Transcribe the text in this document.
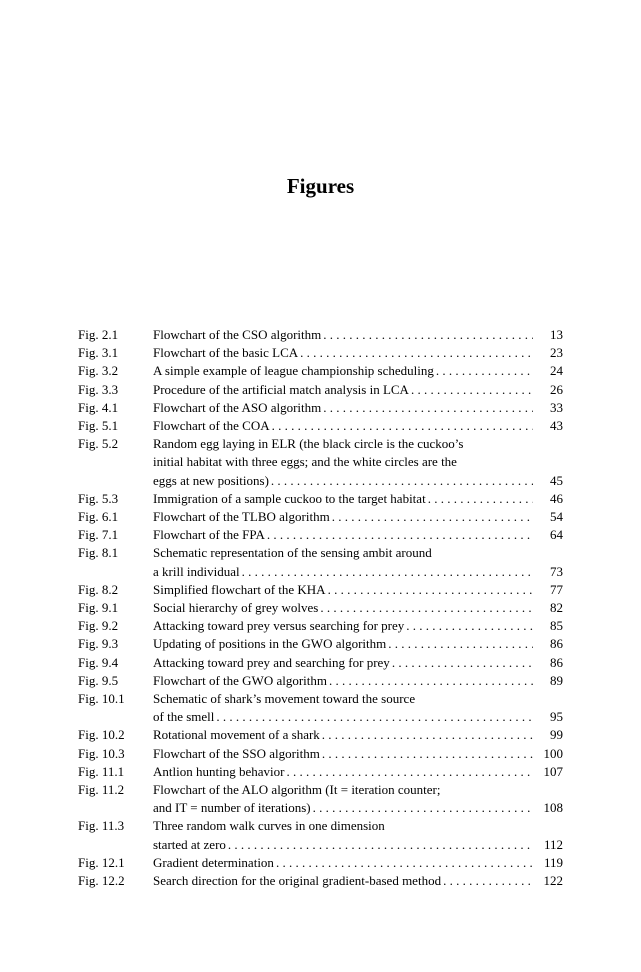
Figures
Fig. 2.1	Flowchart of the CSO algorithm . . .	13
Fig. 3.1	Flowchart of the basic LCA . . .	23
Fig. 3.2	A simple example of league championship scheduling . . .	24
Fig. 3.3	Procedure of the artificial match analysis in LCA . . .	26
Fig. 4.1	Flowchart of the ASO algorithm . . .	33
Fig. 5.1	Flowchart of the COA . . .	43
Fig. 5.2	Random egg laying in ELR (the black circle is the cuckoo’s
initial habitat with three eggs; and the white circles are the
eggs at new positions) . . .	45
Fig. 5.3	Immigration of a sample cuckoo to the target habitat . . .	46
Fig. 6.1	Flowchart of the TLBO algorithm . . .	54
Fig. 7.1	Flowchart of the FPA . . .	64
Fig. 8.1	Schematic representation of the sensing ambit around
a krill individual . . .	73
Fig. 8.2	Simplified flowchart of the KHA . . .	77
Fig. 9.1	Social hierarchy of grey wolves . . .	82
Fig. 9.2	Attacking toward prey versus searching for prey . . .	85
Fig. 9.3	Updating of positions in the GWO algorithm . . .	86
Fig. 9.4	Attacking toward prey and searching for prey . . .	86
Fig. 9.5	Flowchart of the GWO algorithm . . .	89
Fig. 10.1	Schematic of shark’s movement toward the source
of the smell . . .	95
Fig. 10.2	Rotational movement of a shark . . .	99
Fig. 10.3	Flowchart of the SSO algorithm . . .	100
Fig. 11.1	Antlion hunting behavior . . .	107
Fig. 11.2	Flowchart of the ALO algorithm (It = iteration counter;
and IT = number of iterations) . . .	108
Fig. 11.3	Three random walk curves in one dimension
started at zero . . .	112
Fig. 12.1	Gradient determination . . .	119
Fig. 12.2	Search direction for the original gradient-based method . . .	122
